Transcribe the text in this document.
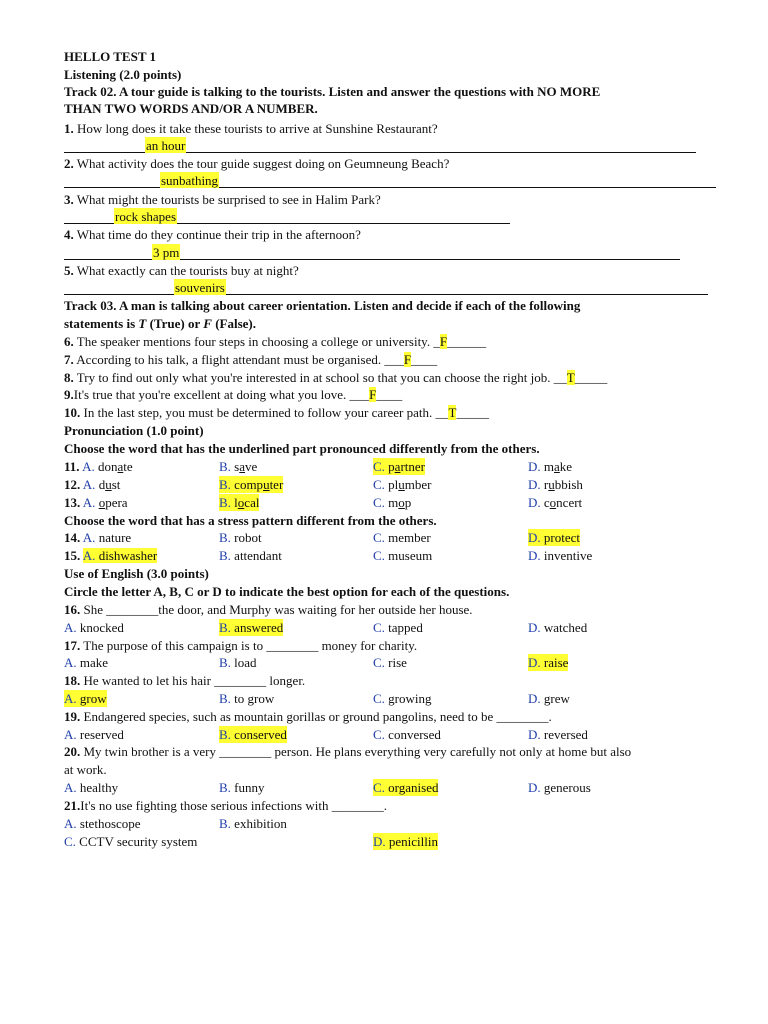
HELLO TEST 1
Listening (2.0 points)
Track 02. A tour guide is talking to the tourists. Listen and answer the questions with NO MORE
THAN TWO WORDS AND/OR A NUMBER.
1. How long does it take these tourists to arrive at Sunshine Restaurant?
an hour
2. What activity does the tour guide suggest doing on Geumneung Beach?
sunbathing
3. What might the tourists be surprised to see in Halim Park?
rock shapes
4. What time do they continue their trip in the afternoon?
3 pm
5. What exactly can the tourists buy at night?
souvenirs
Track 03. A man is talking about career orientation. Listen and decide if each of the following
statements is T (True) or F (False).
6. The speaker mentions four steps in choosing a college or university. _F______
7. According to his talk, a flight attendant must be organised. ___F____
8. Try to find out only what you're interested in at school so that you can choose the right job. __T_____
9.It's true that you're excellent at doing what you love. ___F____
10. In the last step, you must be determined to follow your career path. __T_____
Pronunciation (1.0 point)
Choose the word that has the underlined part pronounced differently from the others.
11. A. donate	B. save	C. partner	D. make
12. A. dust	B. computer	C. plumber	D. rubbish
13. A. opera	B. local	C. mop	D. concert
Choose the word that has a stress pattern different from the others.
14. A. nature	B. robot	C. member	D. protect
15. A. dishwasher	B. attendant	C. museum	D. inventive
Use of English (3.0 points)
Circle the letter A, B, C or D to indicate the best option for each of the questions.
16. She ________the door, and Murphy was waiting for her outside her house.
A. knocked	B. answered	C. tapped	D. watched
17. The purpose of this campaign is to ________ money for charity.
A. make	B. load	C. rise	D. raise
18. He wanted to let his hair ________ longer.
A. grow	B. to grow	C. growing	D. grew
19. Endangered species, such as mountain gorillas or ground pangolins, need to be ________.
A. reserved	B. conserved	C. conversed	D. reversed
20. My twin brother is a very ________ person. He plans everything very carefully not only at home but also
at work.
A. healthy	B. funny	C. organised	D. generous
21.It's no use fighting those serious infections with ________.
A. stethoscope	B. exhibition
C. CCTV security system	D. penicillin
